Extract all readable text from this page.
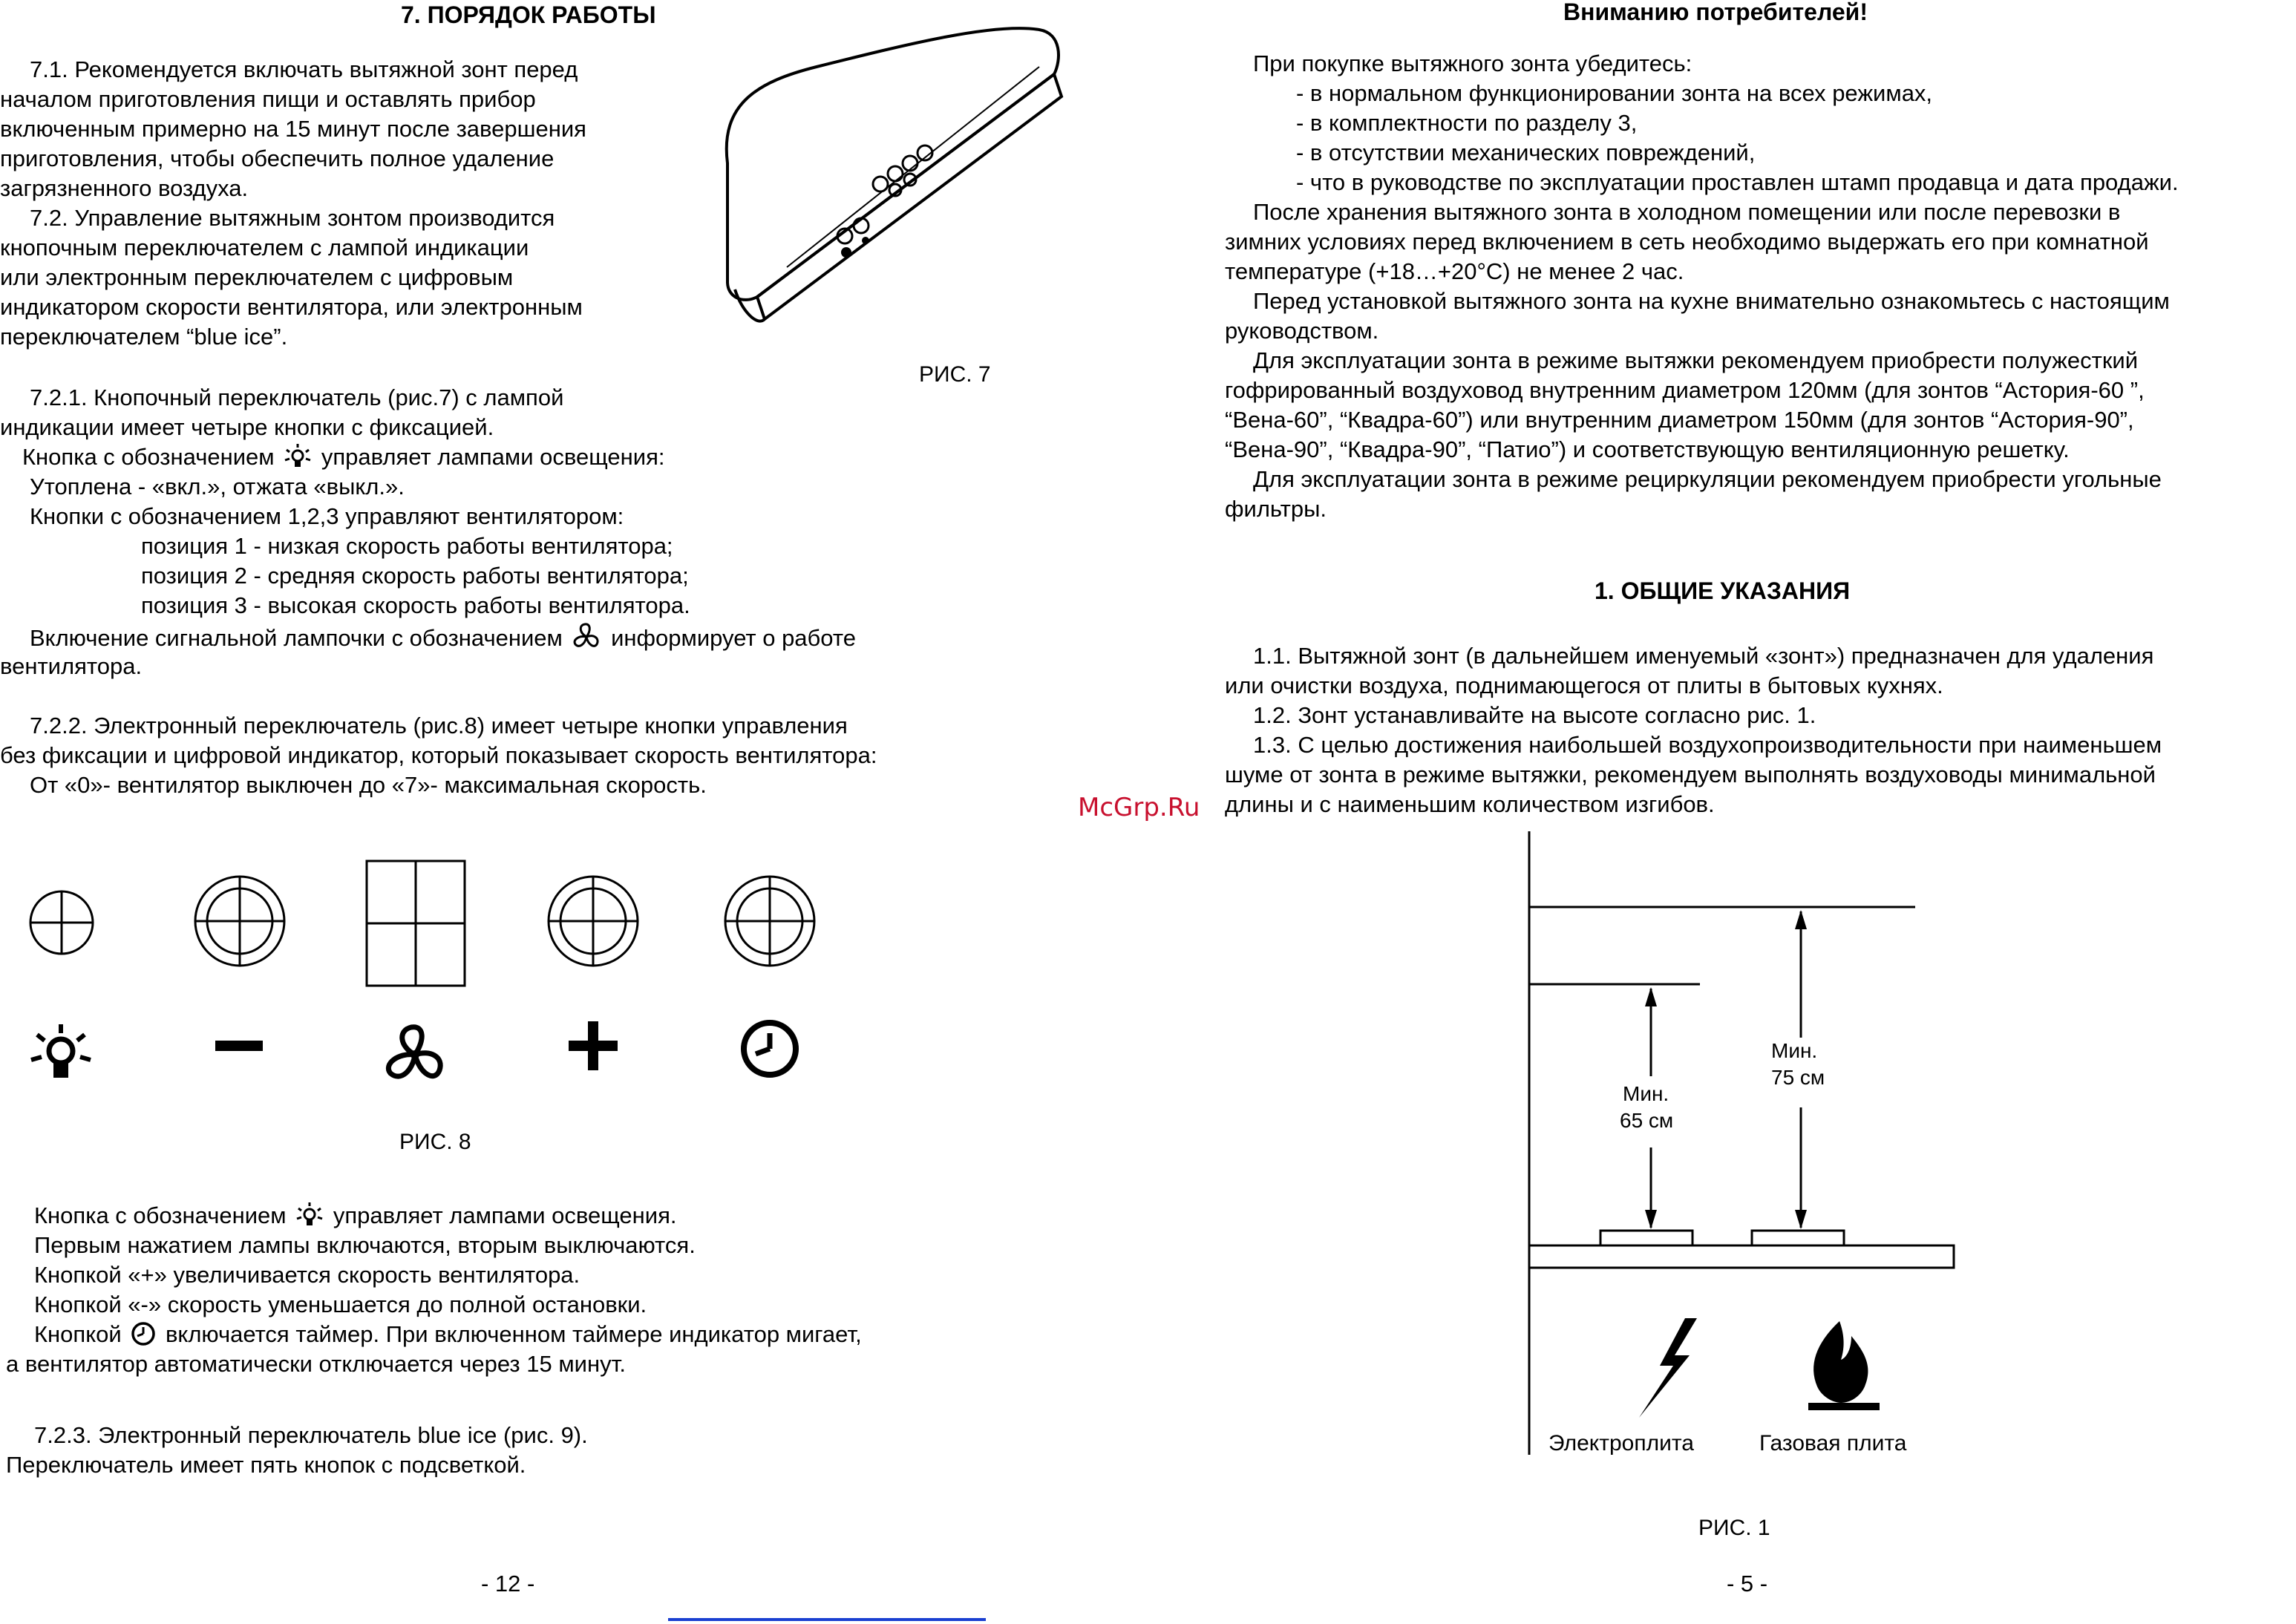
7. ПОРЯДОК РАБОТЫ

7.1. Рекомендуется включать вытяжной зонт перед

началом приготовления пищи и оставлять прибор

включенным примерно на 15 минут после завершения

приготовления, чтобы обеспечить полное удаление

загрязненного воздуха.

7.2. Управление вытяжным зонтом производится

кнопочным переключателем с лампой индикации

или электронным переключателем с цифровым

индикатором скорости вентилятора, или электронным

переключателем “blue ice”.

РИС. 7

7.2.1. Кнопочный переключатель (рис.7) с лампой

индикации имеет четыре кнопки с фиксацией.

Кнопка с обозначением управляет лампами освещения:

Утоплена - «вкл.», отжата «выкл.».

Кнопки с обозначением 1,2,3 управляют вентилятором:

позиция 1 - низкая скорость работы вентилятора;

позиция 2 - средняя скорость работы вентилятора;

позиция 3 - высокая скорость работы вентилятора.

Включение сигнальной лампочки с обозначением информирует о работе

вентилятора.

7.2.2. Электронный переключатель (рис.8) имеет четыре кнопки управления

без фиксации и цифровой индикатор, который показывает скорость вентилятора:

От «0»- вентилятор выключен до «7»- максимальная скорость.

РИС. 8

Кнопка с обозначением управляет лампами освещения.

Первым нажатием лампы включаются, вторым выключаются.

Кнопкой «+» увеличивается скорость вентилятора.

Кнопкой «-» скорость уменьшается до полной остановки.

Кнопкой включается таймер. При включенном таймере индикатор мигает,

а вентилятор автоматически отключается через 15 минут.

7.2.3. Электронный переключатель blue ice (рис. 9).

Переключатель имеет пять кнопок с подсветкой.

- 12 -
McGrp.Ru
Вниманию потребителей!

При покупке вытяжного зонта убедитесь:

- в нормальном функционировании зонта на всех режимах,

- в комплектности по разделу 3,

- в отсутствии механических повреждений,

- что в руководстве по эксплуатации проставлен штамп продавца и дата продажи.

После хранения вытяжного зонта в холодном помещении или после перевозки в

зимних условиях перед включением в сеть необходимо выдержать его при комнатной

температуре (+18…+20°С) не менее 2 час.

Перед установкой вытяжного зонта на кухне внимательно ознакомьтесь с настоящим

руководством.

Для эксплуатации зонта в режиме вытяжки рекомендуем приобрести полужесткий

гофрированный воздуховод внутренним диаметром 120мм (для зонтов “Астория-60 ”,

“Вена-60”, “Квадра-60”) или внутренним диаметром 150мм (для зонтов “Астория-90”,

“Вена-90”, “Квадра-90”, “Патио”) и соответствующую вентиляционную решетку.

Для эксплуатации зонта в режиме рециркуляции рекомендуем приобрести угольные

фильтры.

1. ОБЩИЕ УКАЗАНИЯ

1.1. Вытяжной зонт (в дальнейшем именуемый «зонт») предназначен для удаления

или очистки воздуха, поднимающегося от плиты в бытовых кухнях.

1.2. Зонт устанавливайте на высоте согласно рис. 1.

1.3. С целью достижения наибольшей воздухопроизводительности при наименьшем

шуме от зонта в режиме вытяжки, рекомендуем выполнять воздуховоды минимальной

длины и с наименьшим количеством изгибов.

Мин.
65 см
Мин.
75 см
Электроплита	Газовая плита
РИС. 1
- 5 -
